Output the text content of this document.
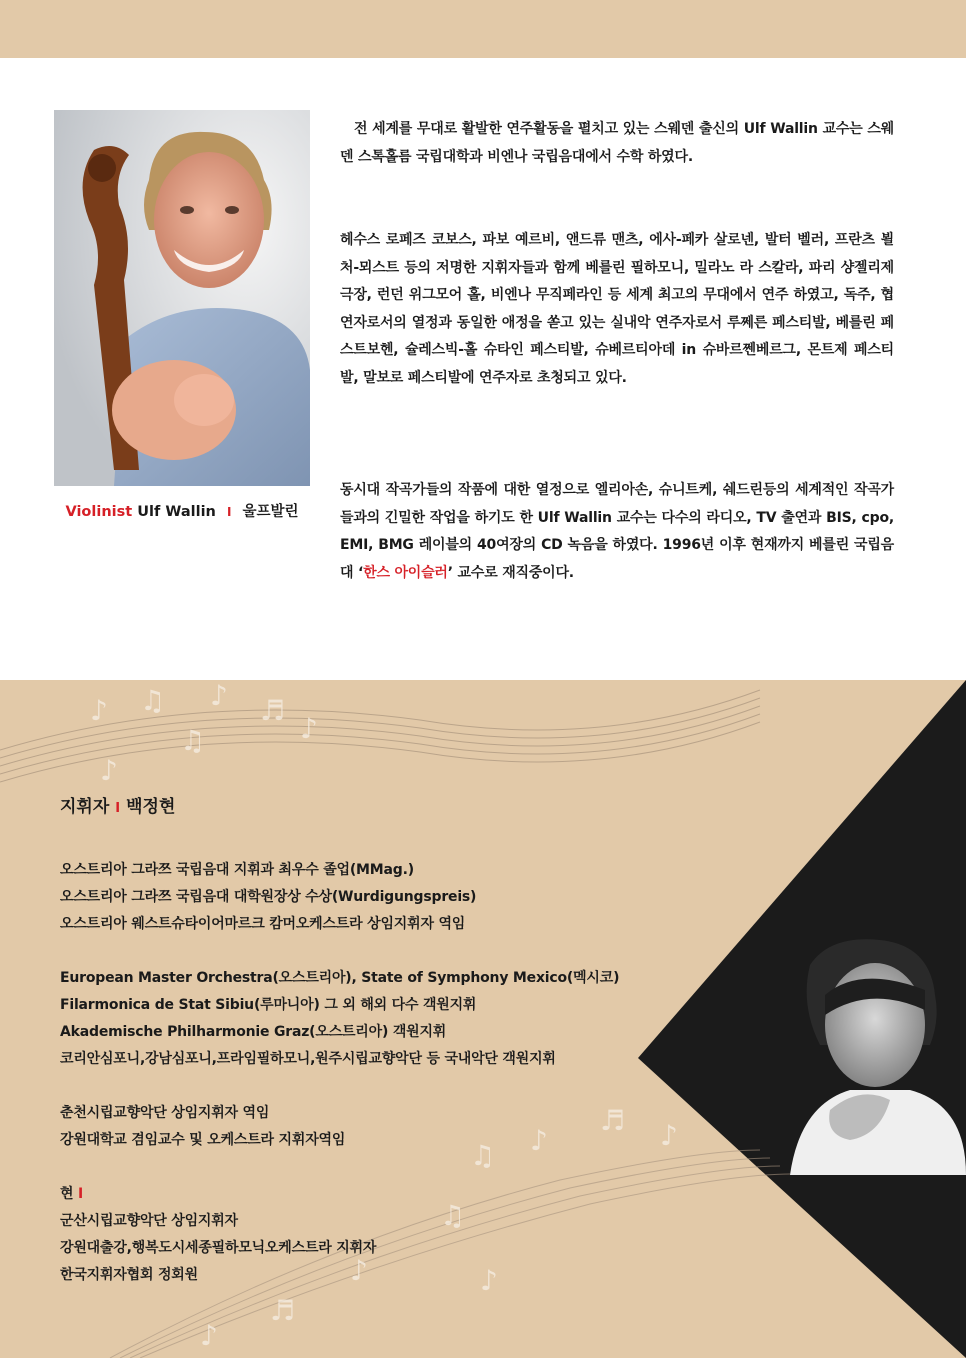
Violinist Ulf Wallin I 울프발린
전 세계를 무대로 활발한 연주활동을 펼치고 있는 스웨덴 출신의 Ulf Wallin 교수는 스웨덴 스톡홀름 국립대학과 비엔나 국립음대에서 수학 하였다.
헤수스 로페즈 코보스, 파보 예르비, 앤드류 맨츠, 에사-페카 살로넨, 발터 벨러, 프란츠 뵐처-뫼스트 등의 저명한 지휘자들과 함께 베를린 필하모니, 밀라노 라 스칼라, 파리 샹젤리제 극장, 런던 위그모어 홀, 비엔나 무직페라인 등 세계 최고의 무대에서 연주 하였고, 독주, 협연자로서의 열정과 동일한 애정을 쏟고 있는 실내악 연주자로서 루쩨른 페스티발, 베를린 페스트보헨, 슐레스빅-홀 슈타인 페스티발, 슈베르티아데 in 슈바르쩬베르그, 몬트제 페스티발, 말보로 페스티발에 연주자로 초청되고 있다.
동시대 작곡가들의 작품에 대한 열정으로 엘리아손, 슈니트케, 쉐드린등의 세계적인 작곡가들과의 긴밀한 작업을 하기도 한 Ulf Wallin 교수는 다수의 라디오, TV 출연과 BIS, cpo, EMI, BMG 레이블의 40여장의 CD 녹음을 하였다. 1996년 이후 현재까지 베를린 국립음대 ‘한스 아이슬러’ 교수로 재직중이다.
♪ ♫ ♪ ♬
♪
♫
♪
♫ ♪
♬ ♪
♫
♪
♬
♪
♪
지휘자 I 백정현
오스트리아 그라쯔 국립음대 지휘과 최우수 졸업(MMag.)
오스트리아 그라쯔 국립음대 대학원장상 수상(Wurdigungspreis)
오스트리아 웨스트슈타이어마르크 캄머오케스트라 상임지휘자 역임
European Master Orchestra(오스트리아), State of Symphony Mexico(멕시코)
Filarmonica de Stat Sibiu(루마니아) 그 외 해외 다수 객원지휘
Akademische Philharmonie Graz(오스트리아) 객원지휘
코리안심포니,강남심포니,프라임필하모니,원주시립교향악단 등 국내악단 객원지휘
춘천시립교향악단 상임지휘자 역임
강원대학교 겸임교수 및 오케스트라 지휘자역임
현 I
군산시립교향악단 상임지휘자
강원대출강,행복도시세종필하모닉오케스트라 지휘자
한국지휘자협회 정회원
